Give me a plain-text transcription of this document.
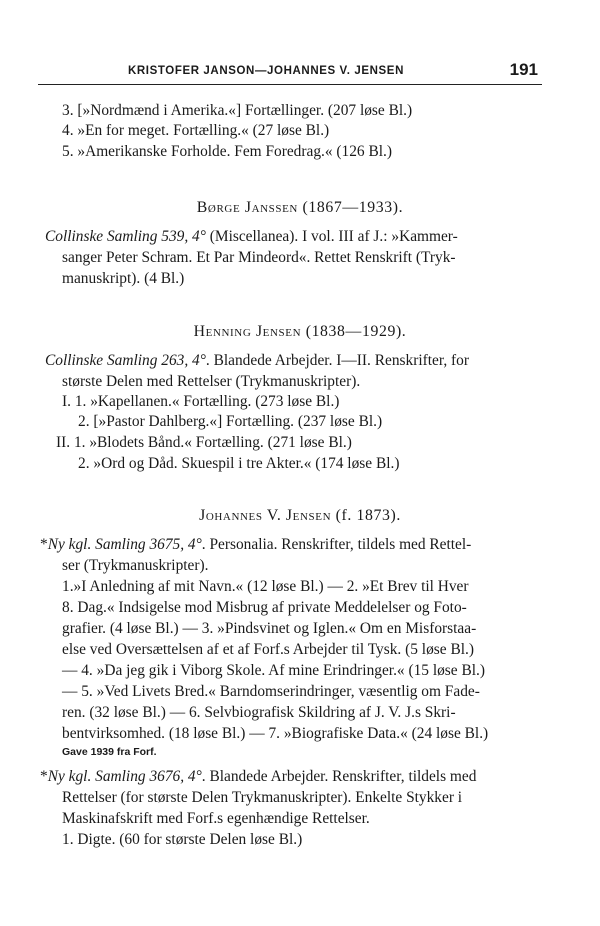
KRISTOFER JANSON—JOHANNES V. JENSEN	191
3. [»Nordmænd i Amerika.«] Fortællinger. (207 løse Bl.)
4. »En for meget. Fortælling.« (27 løse Bl.)
5. »Amerikanske Forholde. Fem Foredrag.« (126 Bl.)
Børge Janssen (1867—1933).
Collinske Samling 539, 4° (Miscellanea). I vol. III af J.: »Kammer-
sanger Peter Schram. Et Par Mindeord«. Rettet Renskrift (Tryk-
manuskript). (4 Bl.)
Henning Jensen (1838—1929).
Collinske Samling 263, 4°. Blandede Arbejder. I—II. Renskrifter, for
største Delen med Rettelser (Trykmanuskripter).
I. 1. »Kapellanen.« Fortælling. (273 løse Bl.)
2. [»Pastor Dahlberg.«] Fortælling. (237 løse Bl.)
II. 1. »Blodets Bånd.« Fortælling. (271 løse Bl.)
2. »Ord og Dåd. Skuespil i tre Akter.« (174 løse Bl.)
Johannes V. Jensen (f. 1873).
*Ny kgl. Samling 3675, 4°. Personalia. Renskrifter, tildels med Rettel-
ser (Trykmanuskripter).
1.»I Anledning af mit Navn.« (12 løse Bl.) — 2. »Et Brev til Hver
8. Dag.« Indsigelse mod Misbrug af private Meddelelser og Foto-
grafier. (4 løse Bl.) — 3. »Pindsvinet og Iglen.« Om en Misforstaa-
else ved Oversættelsen af et af Forf.s Arbejder til Tysk. (5 løse Bl.)
— 4. »Da jeg gik i Viborg Skole. Af mine Erindringer.« (15 løse Bl.)
— 5. »Ved Livets Bred.« Barndomserindringer, væsentlig om Fade-
ren. (32 løse Bl.) — 6. Selvbiografisk Skildring af J. V. J.s Skri-
bentvirksomhed. (18 løse Bl.) — 7. »Biografiske Data.« (24 løse Bl.)
Gave 1939 fra Forf.
*Ny kgl. Samling 3676, 4°. Blandede Arbejder. Renskrifter, tildels med
Rettelser (for største Delen Trykmanuskripter). Enkelte Stykker i
Maskinafskrift med Forf.s egenhændige Rettelser.
1. Digte. (60 for største Delen løse Bl.)
